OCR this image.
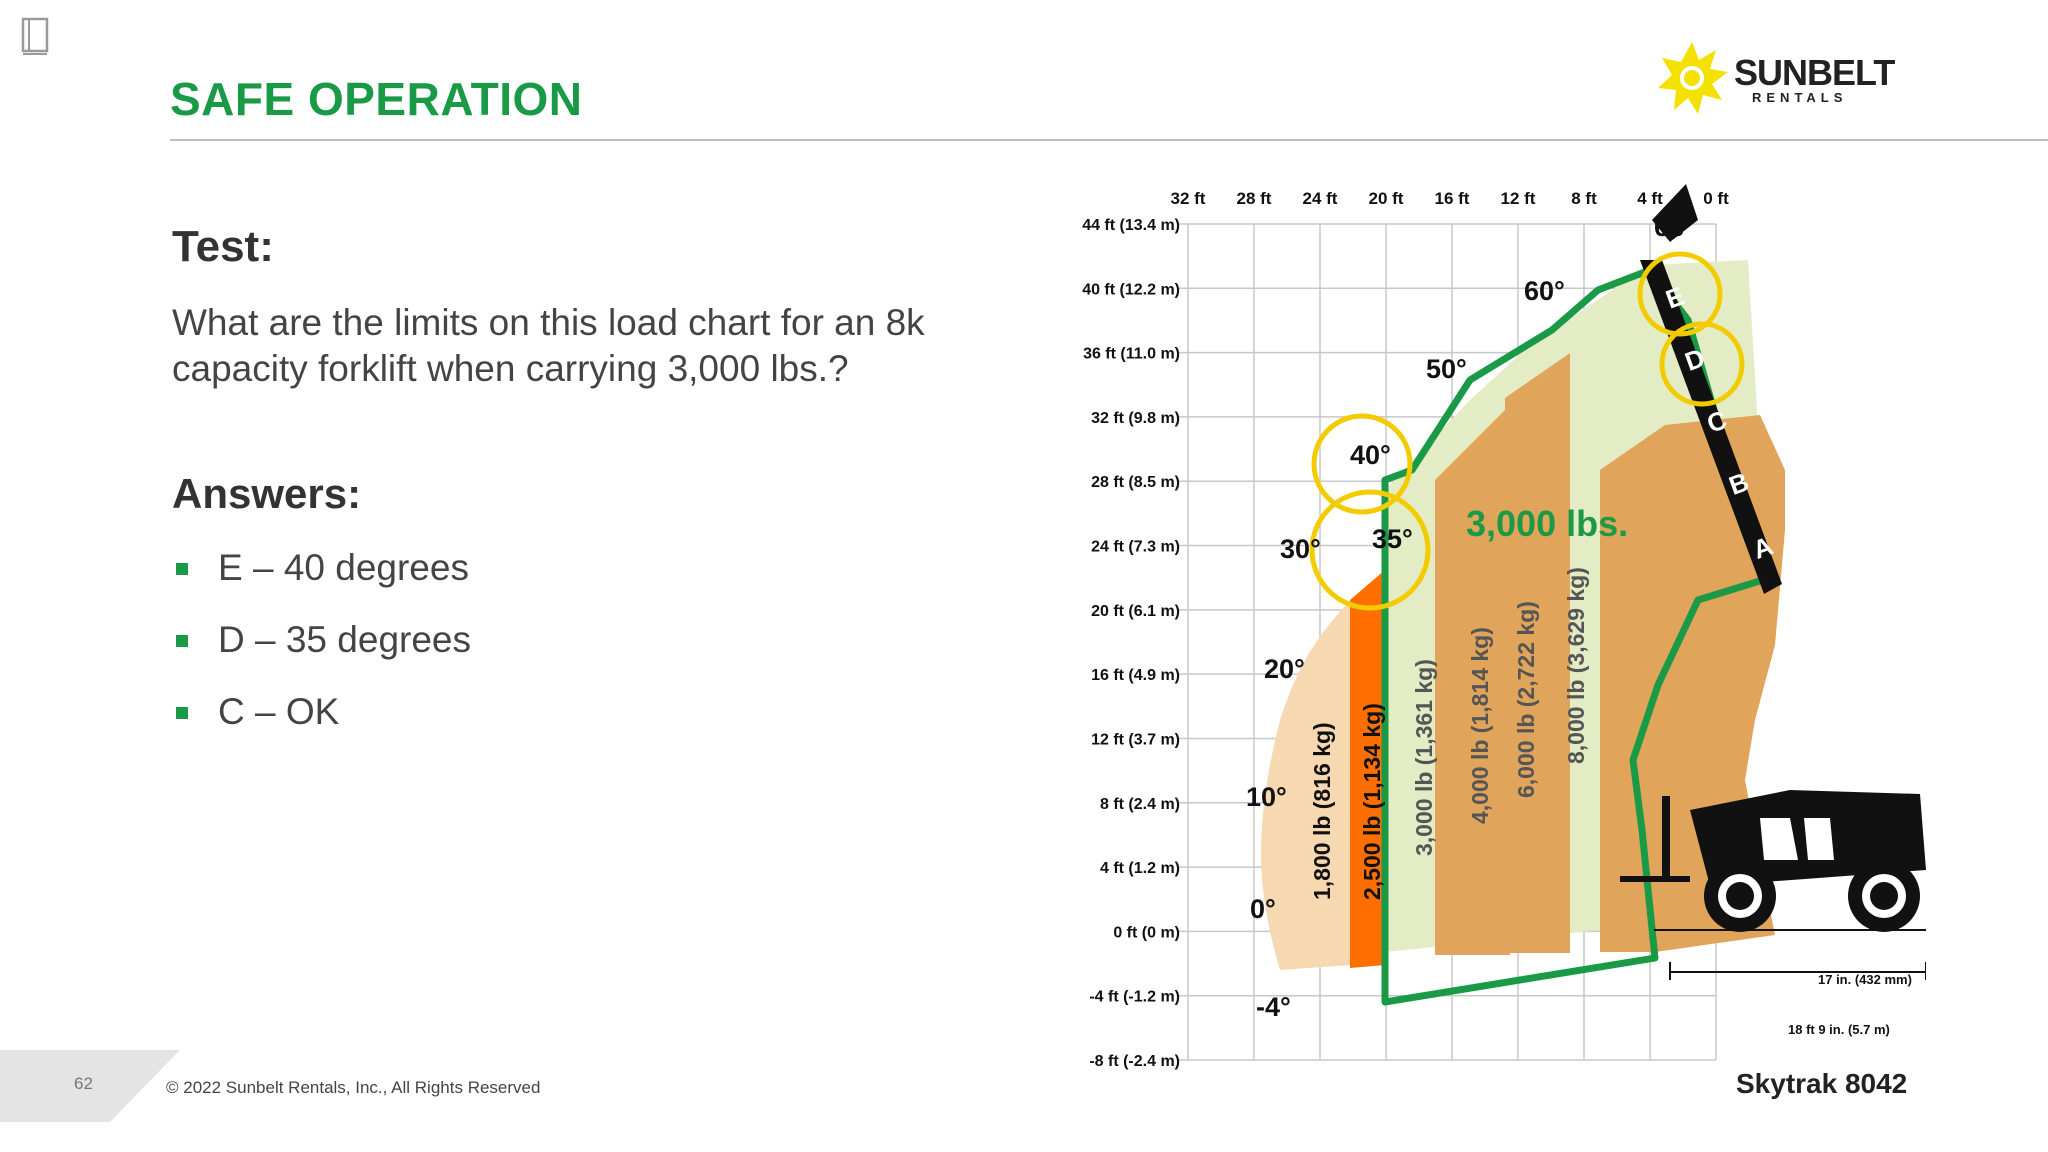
SAFE OPERATION
SUNBELT
RENTALS
Test:
What are the limits on this load chart for an 8k capacity forklift when carrying 3,000 lbs.?
Answers:
E – 40 degrees
D – 35 degrees
C – OK
32 ft 28 ft 24 ft 20 ft 16 ft 12 ft 8 ft 4 ft 0 ft
44 ft (13.4 m)
40 ft (12.2 m)
36 ft (11.0 m)
32 ft (9.8 m)
28 ft (8.5 m)
24 ft (7.3 m)
20 ft (6.1 m)
16 ft (4.9 m)
12 ft (3.7 m)
8 ft (2.4 m)
4 ft (1.2 m)
0 ft (0 m)
-4 ft (-1.2 m)
-8 ft (-2.4 m)
68°
60°
50°
40°
35°
30°
20°
10°
0°
-4°
1,800 lb (816 kg) 2,500 lb (1,134 kg) 3,000 lb (1,361 kg) 4,000 lb (1,814 kg) 6,000 lb (2,722 kg) 8,000 lb (3,629 kg)
E
D
C
B
A
3,000 lbs.
17 in. (432 mm)
18 ft 9 in. (5.7 m)
Skytrak 8042
62	© 2022 Sunbelt Rentals, Inc., All Rights Reserved
